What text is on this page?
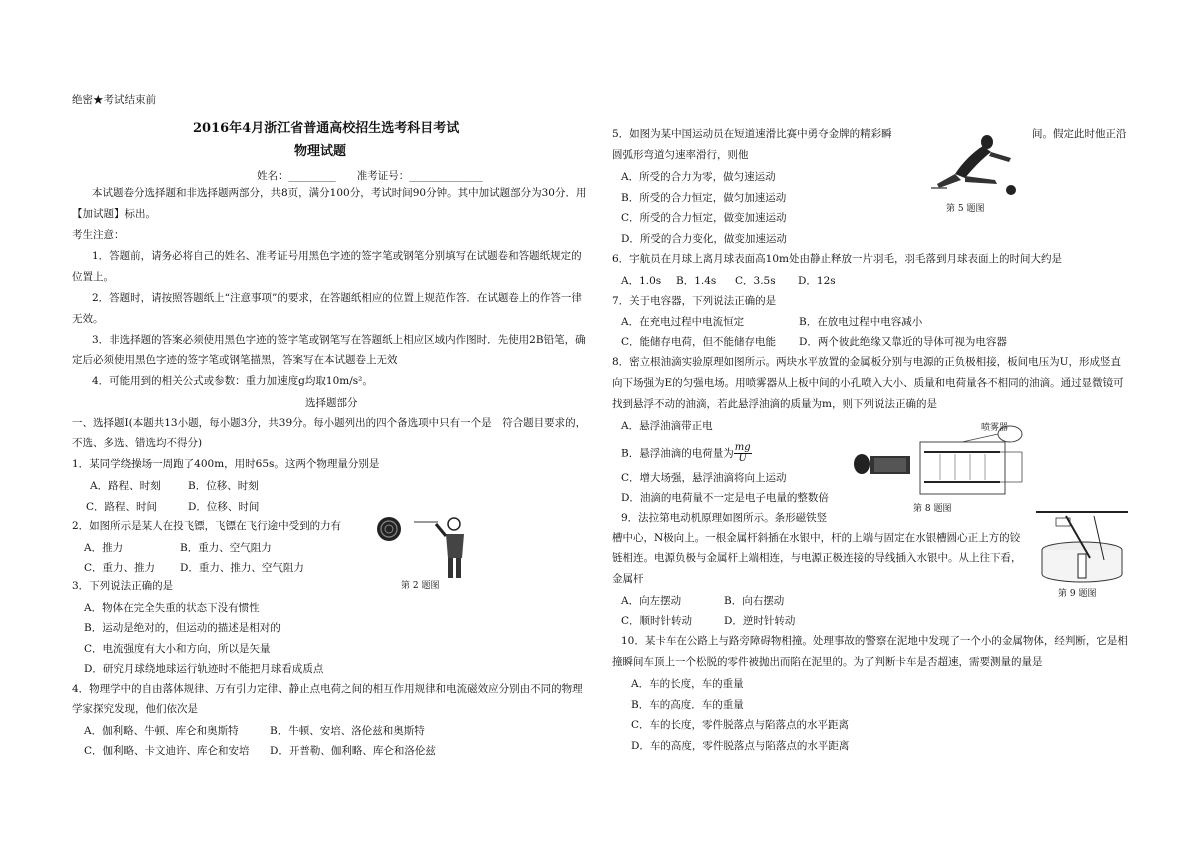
绝密★考试结束前
2016年4月浙江省普通高校招生选考科目考试
物理试题
姓名：_________　　准考证号：______________
本试题卷分选择题和非选择题两部分，共8页，满分100分，考试时间90分钟。其中加试题部分为30分．用
【加试题】标出。
考生注意：
1．答题前，请务必将自己的姓名、准考证号用黑色字迹的签字笔或钢笔分别填写在试题卷和答题纸规定的
位置上。
2．答题时，请按照答题纸上“注意事项”的要求，在答题纸相应的位置上规范作答．在试题卷上的作答一律
无效。
3．非选择题的答案必须使用黑色字迹的签字笔或钢笔写在答题纸上相应区域内作图时．先使用2B铅笔，确
定后必须使用黑色字迹的签字笔或钢笔描黑，答案写在本试题卷上无效
4．可能用到的相关公式或参数：重力加速度g均取10m/s²。
选择题部分
一、选择题Ⅰ(本题共13小题，每小题3分，共39分。每小题列出的四个备选项中只有一个是　符合题目要求的，
不选、多选、错选均不得分)
1．某同学绕操场一周跑了400m，用时65s。这两个物理量分别是
A．路程、时刻	B．位移、时刻
C．路程、时间	D．位移、时间
2．如图所示是某人在投飞镖，飞镖在飞行途中受到的力有
A．推力	B．重力、空气阻力
C．重力、推力 D．重力、推力、空气阻力
第 2 题图
3．下列说法正确的是
A．物体在完全失重的状态下没有惯性
B．运动是绝对的，但运动的描述是相对的
C．电流强度有大小和方向，所以是矢量
D．研究月球绕地球运行轨迹时不能把月球看成质点
4．物理学中的自由落体规律、万有引力定律、静止点电荷之间的相互作用规律和电流磁效应分别由不同的物理
学家探究发现，他们依次是
A．伽利略、牛顿、库仑和奥斯特	B．牛顿、安培、洛伦兹和奥斯特
C．伽利略、卡文迪许、库仑和安培 D．开普勒、伽利略、库仑和洛伦兹
5．如图为某中国运动员在短道速滑比赛中勇夺金牌的精彩瞬	间。假定此时他正沿
圆弧形弯道匀速率滑行，则他
A．所受的合力为零，做匀速运动
B．所受的合力恒定，做匀加速运动
C．所受的合力恒定，做变加速运动
D．所受的合力变化，做变加速运动
第 5 题图
6．宇航员在月球上离月球表面高10m处由静止释放一片羽毛，羽毛落到月球表面上的时间大约是
A．1.0s B．1.4s C．3.5s D．12s
7．关于电容器，下列说法正确的是
A．在充电过程中电流恒定	B．在放电过程中电容减小
C．能储存电荷，但不能储存电能 D．两个彼此绝缘又靠近的导体可视为电容器
8．密立根油滴实验原理如图所示。两块水平放置的金属板分别与电源的正负极相接，板间电压为U，形成竖直
向下场强为E的匀强电场。用喷雾器从上板中间的小孔喷入大小、质量和电荷量各不相同的油滴。通过显微镜可
找到悬浮不动的油滴，若此悬浮油滴的质量为m，则下列说法正确的是
A．悬浮油滴带正电
B．悬浮油滴的电荷量为 $\frac{mg}{U}$
C．增大场强，悬浮油滴将向上运动
D．油滴的电荷量不一定是电子电量的整数倍
喷雾器
第 8 题图
9．法拉第电动机原理如图所示。条形磁铁竖
槽中心，N极向上。一根金属杆斜插在水银中，杆的上端与固定在水银槽圆心正上方的铰
链相连。电源负极与金属杆上端相连，与电源正极连接的导线插入水银中。从上往下看，
金属杆
A．向左摆动	B．向右摆动
C．顺时针转动	D．逆时针转动
第 9 题图
10．某卡车在公路上与路旁障碍物相撞。处理事故的警察在泥地中发现了一个小的金属物体，经判断，它是相
撞瞬间车顶上一个松脱的零件被抛出而陷在泥里的。为了判断卡车是否超速，需要测量的量是
A．车的长度，车的重量
B．车的高度．车的重量
C．车的长度，零件脱落点与陷落点的水平距离
D．车的高度，零件脱落点与陷落点的水平距离
